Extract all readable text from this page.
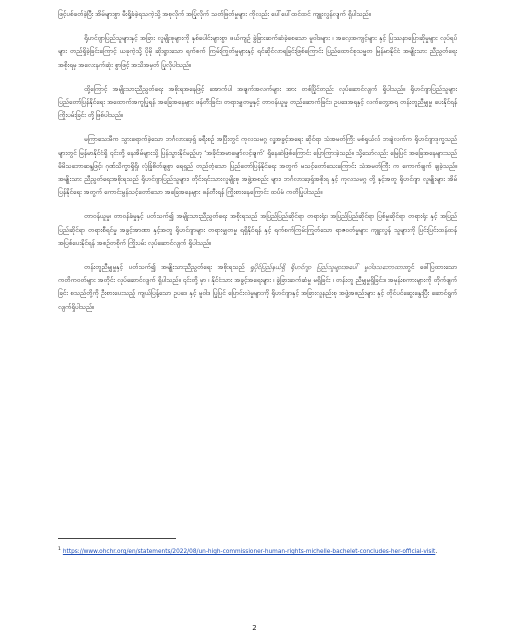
ဖြင့်ပစ်ခတ်ခဲ့ပြီး အိမ်များစွာ မီးရှို့ခံခဲ့ရသကဲ့သို့ အစုလိုက် အပြုံလိုက် သတ်ဖြတ်မှုများ ကိုလည်း ပေါ်ပေါ်ထင်ထင် ကျူးလွန်လျက် ရှိပါသည်။

ရိုဟင်ဂျာပြည်သူများနှင့် အခြား လူမျိုးစုများကို နှစ်ပေါင်းများစွာ ဖယ်ကျဉ် ခွဲခြားဆက်ဆံခဲ့စေသော မူဝါဒများ ၊ အလေ့အကျင့်များ နှင့် ပြဿနာပြောဆိုမှုများ လုပ်ရပ်များ တည်ရှိခဲ့ခြင်းကြောင့် ယခုကဲ့သို့ ပိုမို ဆိုးရွားသော ရက်စက် ကြမ်းကြုတ်မှုများနှင့် ရင်ဆိုင်လာရခြင်းဖြစ်ကြောင်း ပြည်ထောင်စုသမ္မတ မြန်မာနိုင်ငံ အမျိုးသား ညီညွတ်ရေး အစိုးရမှ အလေးနက်ဆုံး စွာဖြင့် အသိအမှတ် ပြုလိုပါသည်။

ထို့ကြောင့် အမျိုးသားညီညွတ်ရေး အစိုးရအနေဖြင့် အောက်ပါ အချက်အလက်များ အား တစ်ပြိုင်တည်း လုပ်ဆောင်လျက် ရှိပါသည်။ ရိုဟင်ဂျာပြည်သူများ ပြည်တော်ပြန်နိုင်ရေး အထောက်အကူပြုရန် အခြေအနေများ ဖန်တီးခြင်း၊ တရားမျှတမှုနှင့် တာဝန်ယူမှု တည်ဆောက်ခြင်း၊ ဥပဒေအရနှင့် လက်တွေ့အရ တန်းတူညီမျှမှု ပေးနိုင်ရန် ကြိုးပမ်းခြင်း တို့ဖြစ်ပါသည်။

မကြာသေးမီက သွားရောက်ခဲ့သော ဘင်္ဂလားဒေ့ရှ် ခရီးစဉ် အပြီးတွင် ကုလသမဂ္ဂ လူ့အခွင့်အရေး ဆိုင်ရာ သံအမတ်ကြီး မစ်ရှယ်လ် ဘချဲလက်က ရိုဟင်ဂျာဒုက္ခသည်များတွင် မြန်မာနိုင်ငံရှိ ၎င်းတို့ နေအိမ်များသို့ ပြန်သွားနိုင်မည့်ဟု ‘အခိုင်အမာမျှော်လင့်ချက်’ ရှိနေဆဲဖြစ်ကြောင်း ပြောကြားခဲ့သည်။ သို့သော်လည်း မြေပြင် အခြေအနေများသည် မိမိသဘောဆန္ဒဖြင့်၊ ဂုဏ်သိက္ခာရှိရှိ၊ လုံခြုံစိတ်ချစွာ ရေရှည် တည်တံ့သော ပြည်တော်ပြန်နိုင်ရေး အတွက် မသင့်တော်သေးကြောင်း သံအမတ်ကြီး က ကောက်ချက် ချခဲ့သည်။ အမျိုးသား ညီညွတ်ရေးအစိုးရသည် ရိုဟင်ဂျာပြည်သူများ၊ တိုင်းရင်းသားလူမျိုးစု အဖွဲ့အစည်း များ၊ ဘင်္ဂလားဒေ့ရှ်အစိုးရ နှင့် ကုလသမဂ္ဂ တို့ နှင့်အတူ ရိုဟင်ဂျာ လူမျိုးများ အိမ်ပြန်နိုင်ရေး အတွက် ကောင်းမွန်သင့်တော်သော အခြေအနေများ ဖန်တီးရန် ကြိုးစားနေကြောင်း ထပ်မံ ကတိပြုပါသည်။

တာဝန်ယူမှု၊ တာဝန်ခံမှုနှင့် ပတ်သက်၍ အမျိုးသားညီညွတ်ရေး အစိုးရသည် အပြည်ပြည်ဆိုင်ရာ တရားရုံး၊ အပြည်ပြည်ဆိုင်ရာ ပြစ်မှုဆိုင်ရာ တရားရုံး နှင့် အပြည်ပြည်ဆိုင်ရာ တရားစီရင်မှု အခွင့်အာဏာ နှင့်အတူ ရိုဟင်ဂျာများ တရားမျှတမှု ရရှိနိုင်ရန် နှင့် ရက်စက်ကြမ်းကြုတ်သော ရာဇဝတ်မှုများ ကျူးလွန် သူများကို ပြင်းပြင်းထန်ထန် အပြစ်ပေးနိုင်ရန် အစဉ်တစိုက် ကြိုးပမ်း လုပ်ဆောင်လျက် ရှိပါသည်။

တန်းတူညီမျှမှုနှင့် ပတ်သက်၍ အမျိုးသားညီညွတ်ရေး အစိုးရသည် ရှုပိုင်ပြည်နယ်ရှိ ရိုဟင်ဂျာ ပြည်သူများအပေါ် မူဝါဒသဘောထားတွင် ဖေါ်ပြထားသော ကတိကဝတ်များ အတိုင်း လုပ်ဆောင်လျက် ရှိပါသည်။ ၎င်းတို့ မှာ ၊ နိုင်ငံသား အခွင့်အရေးများ ၊ ခွဲခြားဆက်ဆံမှု မရှိခြင်း ၊ တန်းတူ ညီမျှမှုရှိခြင်း။ အမုန်းစကားများကို တိုက်ဖျက်ခြင်း စသည်တို့ကို ဦးစားပေးသည့် ကျယ်ပြန့်သော ဥပဒေ နှင့် မူဝါဒ ပြုပြင် ပြောင်းလဲမှုများကို ရိုဟင်ဂျာနှင့် အခြားလူနည်းစု အဖွဲ့အစည်းများ နှင့် တိုင်ပင်ဆွေးနွေးပြီး ဆောင်ရွက်လျက်ရှိပါသည်။

$^1$ https://www.ohchr.org/en/statements/2022/08/un-high-commissioner-human-rights-michelle-bachelet-concludes-her-official-visit.
2
